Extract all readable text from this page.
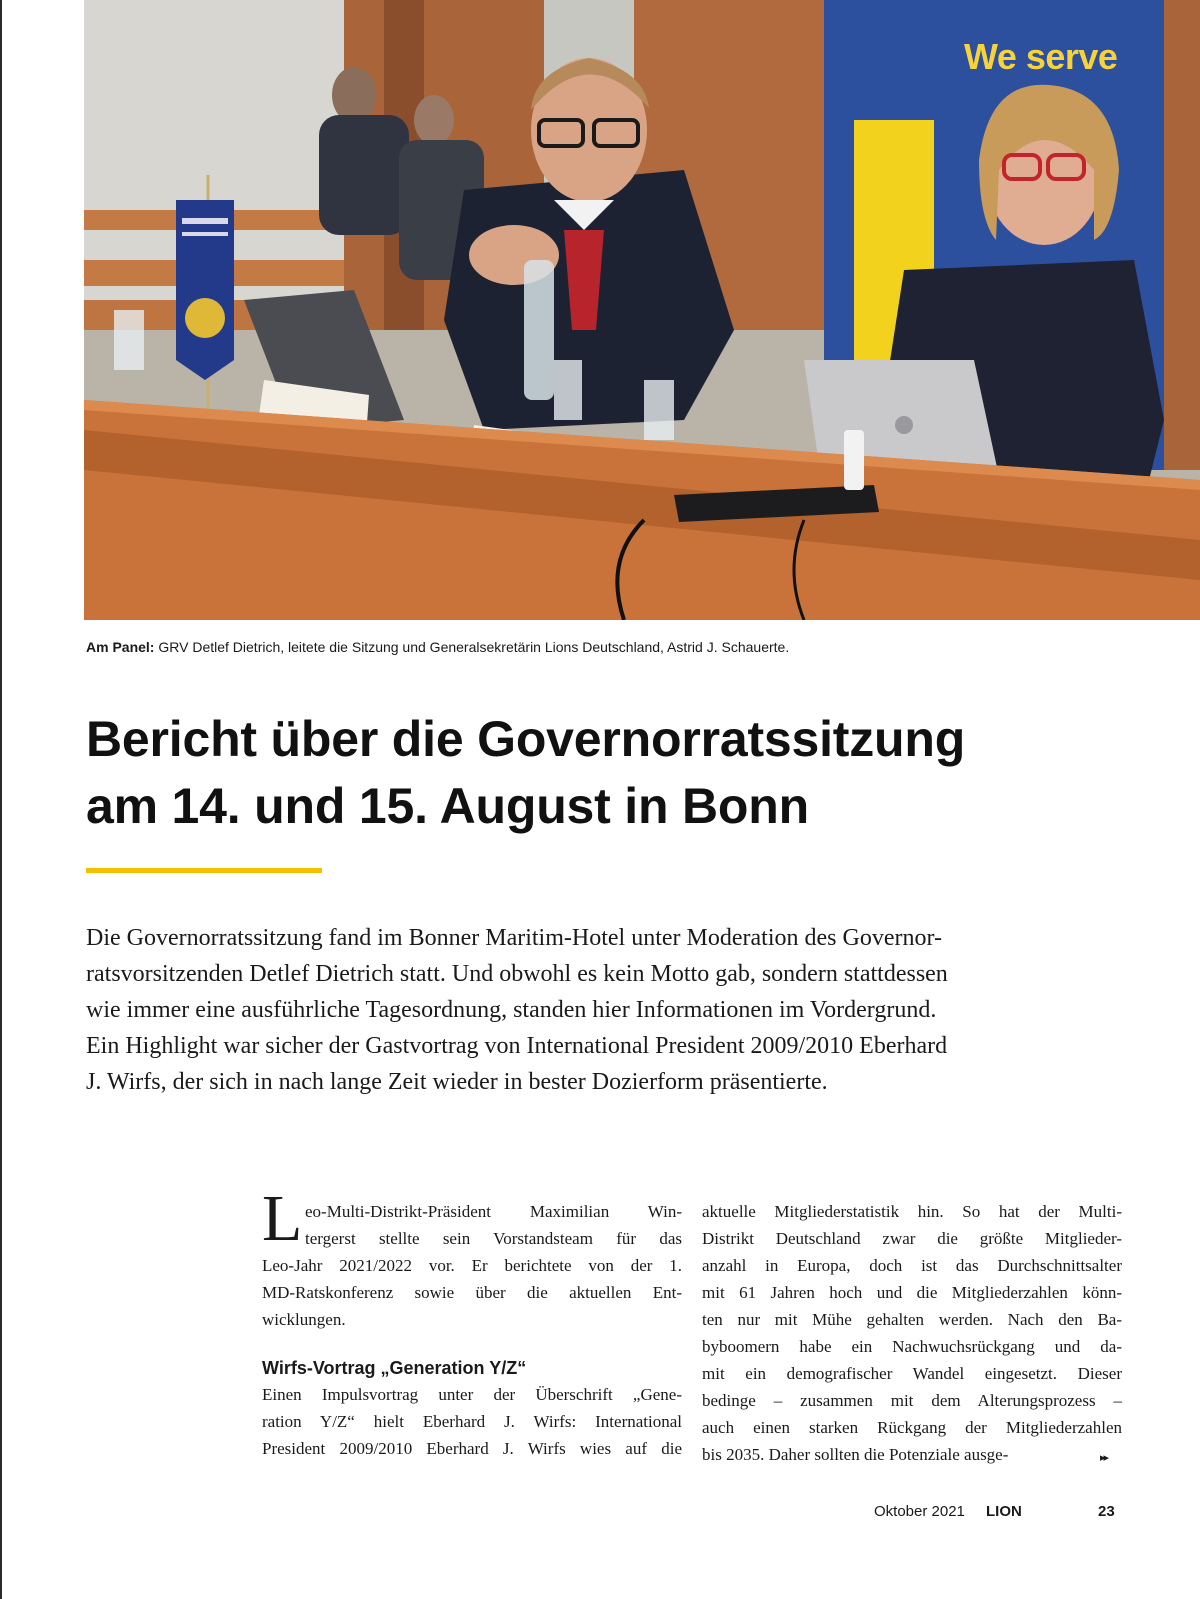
We serve
Am Panel: GRV Detlef Dietrich, leitete die Sitzung und Generalsekretärin Lions Deutschland, Astrid J. Schauerte.
Bericht über die Governorratssitzung
am 14. und 15. August in Bonn
Die Governorratssitzung fand im Bonner Maritim-Hotel unter Moderation des Governor-
ratsvorsitzenden Detlef Dietrich statt. Und obwohl es kein Motto gab, sondern stattdessen
wie immer eine ausführliche Tagesordnung, standen hier Informationen im Vordergrund.
Ein Highlight war sicher der Gastvortrag von International President 2009/2010 Eberhard
J. Wirfs, der sich in nach lange Zeit wieder in bester Dozierform präsentierte.
L eo-Multi-Distrikt-Präsident Maximilian Win-
tergerst stellte sein Vorstandsteam für das
Leo-Jahr 2021/2022 vor. Er berichtete von der 1.
MD-Ratskonferenz sowie über die aktuellen Ent-
wicklungen.
Wirfs-Vortrag „Generation Y/Z“
Einen Impulsvortrag unter der Überschrift „Gene-
ration Y/Z“ hielt Eberhard J. Wirfs: International
President 2009/2010 Eberhard J. Wirfs wies auf die
aktuelle Mitgliederstatistik hin. So hat der Multi-
Distrikt Deutschland zwar die größte Mitglieder-
anzahl in Europa, doch ist das Durchschnittsalter
mit 61 Jahren hoch und die Mitgliederzahlen könn-
ten nur mit Mühe gehalten werden. Nach den Ba-
byboomern habe ein Nachwuchsrückgang und da-
mit ein demografischer Wandel eingesetzt. Dieser
bedinge – zusammen mit dem Alterungsprozess –
auch einen starken Rückgang der Mitgliederzahlen
bis 2035. Daher sollten die Potenziale ausge-	▸▸
Oktober 2021 LION	23
